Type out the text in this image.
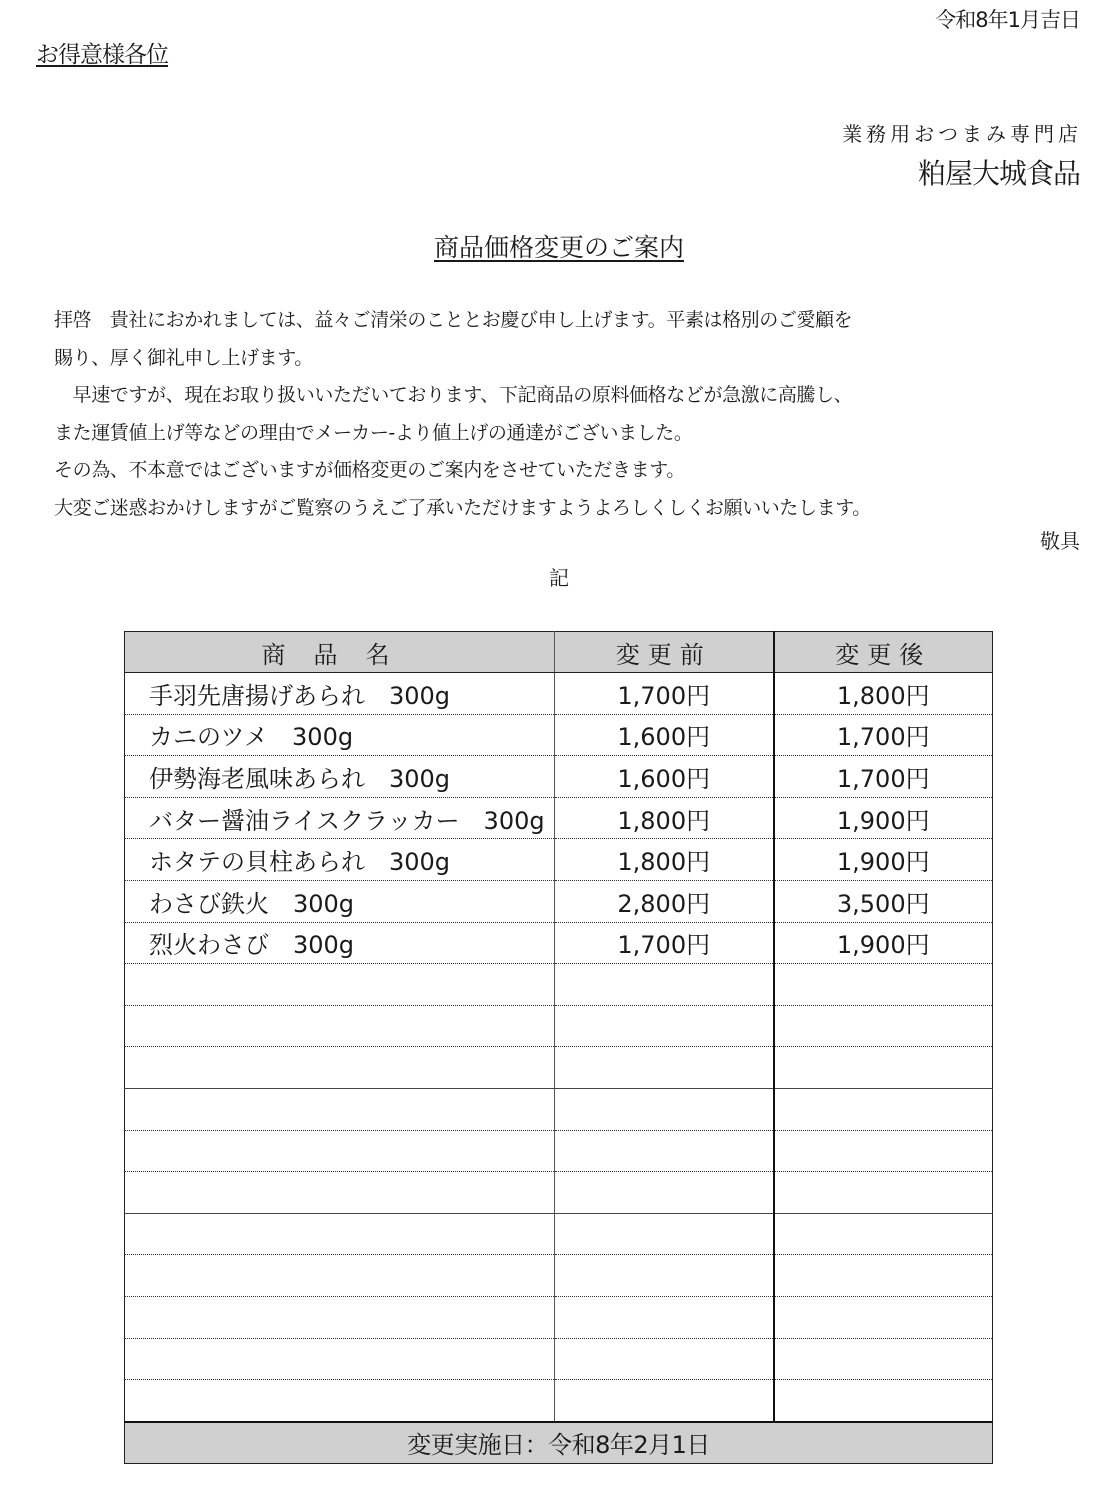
令和8年1月吉日
お得意様各位
業務用おつまみ専門店
粕屋大城食品
商品価格変更のご案内

拝啓　貴社におかれましては、益々ご清栄のこととお慶び申し上げます。平素は格別のご愛顧を

賜り、厚く御礼申し上げます。

　早速ですが、現在お取り扱いいただいております、下記商品の原料価格などが急激に高騰し、

また運賃値上げ等などの理由でメーカー-より値上げの通達がございました。

その為、不本意ではございますが価格変更のご案内をさせていただきます。

大変ご迷惑おかけしますがご覧察のうえご了承いただけますようよろしくしくお願いいたします。

敬具
記
商品名	変更前	変更後
手羽先唐揚げあられ　300g	1,700円	1,800円
カニのツメ　300g	1,600円	1,700円
伊勢海老風味あられ　300g	1,600円	1,700円
バター醤油ライスクラッカー　300g	1,800円	1,900円
ホタテの貝柱あられ　300g	1,800円	1,900円
わさび鉄火　300g	2,800円	3,500円
烈火わさび　300g	1,700円	1,900円

変更実施日：令和8年2月1日		
